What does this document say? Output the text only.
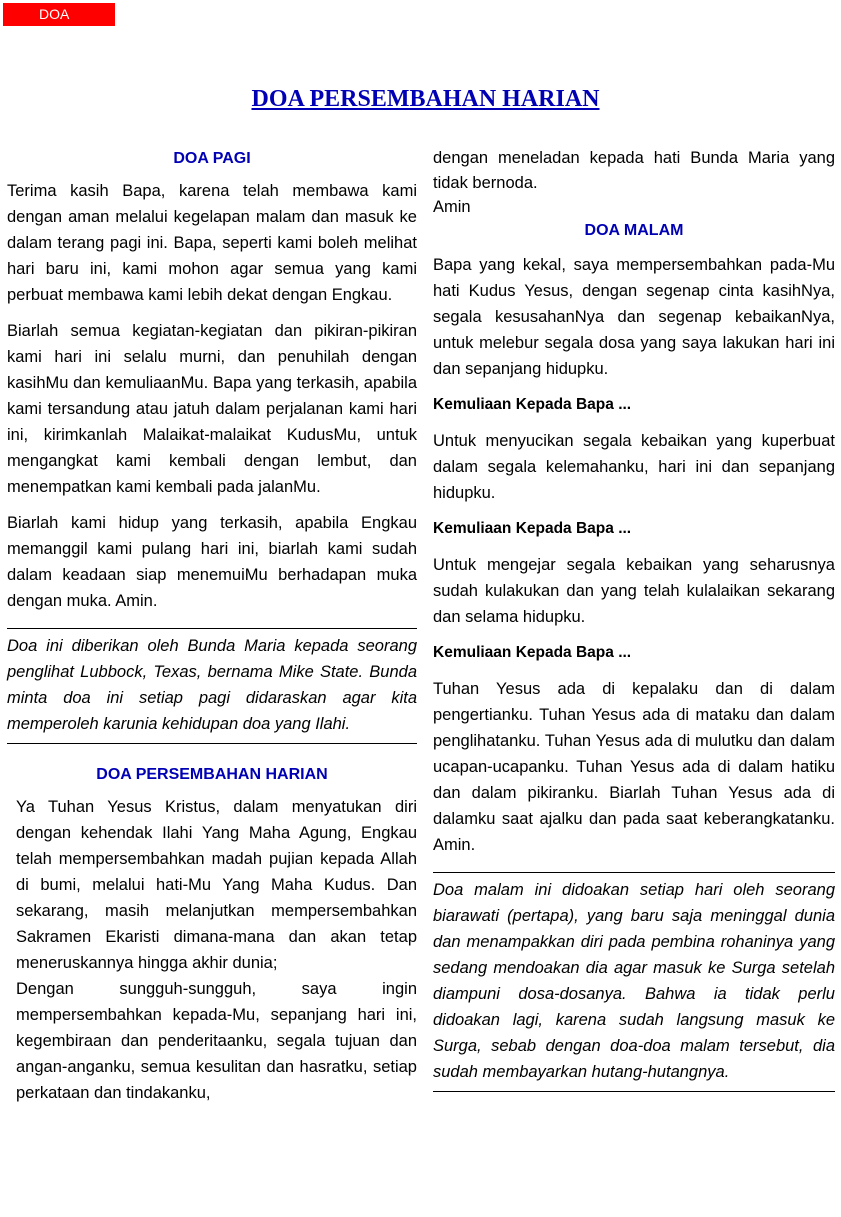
DOA
DOA PERSEMBAHAN HARIAN
DOA PAGI

Terima kasih Bapa, karena telah membawa kami dengan aman melalui kegelapan malam dan masuk ke dalam terang pagi ini. Bapa, seperti kami boleh melihat hari baru ini, kami mohon agar semua yang kami perbuat membawa kami lebih dekat dengan Engkau.

Biarlah semua kegiatan-kegiatan dan pikiran-pikiran kami hari ini selalu murni, dan penuhilah dengan kasihMu dan kemuliaanMu. Bapa yang terkasih, apabila kami tersandung atau jatuh dalam perjalanan kami hari ini, kirimkanlah Malaikat-malaikat KudusMu, untuk mengangkat kami kembali dengan lembut, dan menempatkan kami kembali pada jalanMu.

Biarlah kami hidup yang terkasih, apabila Engkau memanggil kami pulang hari ini, biarlah kami sudah dalam keadaan siap menemuiMu berhadapan muka dengan muka. Amin.

Doa ini diberikan oleh Bunda Maria kepada seorang penglihat Lubbock, Texas, bernama Mike State. Bunda minta doa ini setiap pagi didaraskan agar kita memperoleh karunia kehidupan doa yang Ilahi.

DOA PERSEMBAHAN HARIAN

Ya Tuhan Yesus Kristus, dalam menyatukan diri dengan kehendak Ilahi Yang Maha Agung, Engkau telah mempersembahkan madah pujian kepada Allah di bumi, melalui hati-Mu Yang Maha Kudus. Dan sekarang, masih melanjutkan mempersembahkan Sakramen Ekaristi dimana-mana dan akan tetap meneruskannya hingga akhir dunia;

Dengan sungguh-sungguh, saya ingin mempersembahkan kepada-Mu, sepanjang hari ini, kegembiraan dan penderitaanku, segala tujuan dan angan-anganku, semua kesulitan dan hasratku, setiap perkataan dan tindakanku,

dengan meneladan kepada hati Bunda Maria yang tidak bernoda.

Amin
DOA MALAM

Bapa yang kekal, saya mempersembahkan pada-Mu hati Kudus Yesus, dengan segenap cinta kasihNya, segala kesusahanNya dan segenap kebaikanNya, untuk melebur segala dosa yang saya lakukan hari ini dan sepanjang hidupku.

Kemuliaan Kepada Bapa ...

Untuk menyucikan segala kebaikan yang kuperbuat dalam segala kelemahanku, hari ini dan sepanjang hidupku.

Kemuliaan Kepada Bapa ...

Untuk mengejar segala kebaikan yang seharusnya sudah kulakukan dan yang telah kulalaikan sekarang dan selama hidupku.

Kemuliaan Kepada Bapa ...

Tuhan Yesus ada di kepalaku dan di dalam pengertianku. Tuhan Yesus ada di mataku dan dalam penglihatanku. Tuhan Yesus ada di mulutku dan dalam ucapan-ucapanku. Tuhan Yesus ada di dalam hatiku dan dalam pikiranku. Biarlah Tuhan Yesus ada di dalamku saat ajalku dan pada saat keberangkatanku. Amin.

Doa malam ini didoakan setiap hari oleh seorang biarawati (pertapa), yang baru saja meninggal dunia dan menampakkan diri pada pembina rohaninya yang sedang mendoakan dia agar masuk ke Surga setelah diampuni dosa-dosanya. Bahwa ia tidak perlu didoakan lagi, karena sudah langsung masuk ke Surga, sebab dengan doa-doa malam tersebut, dia sudah membayarkan hutang-hutangnya.
